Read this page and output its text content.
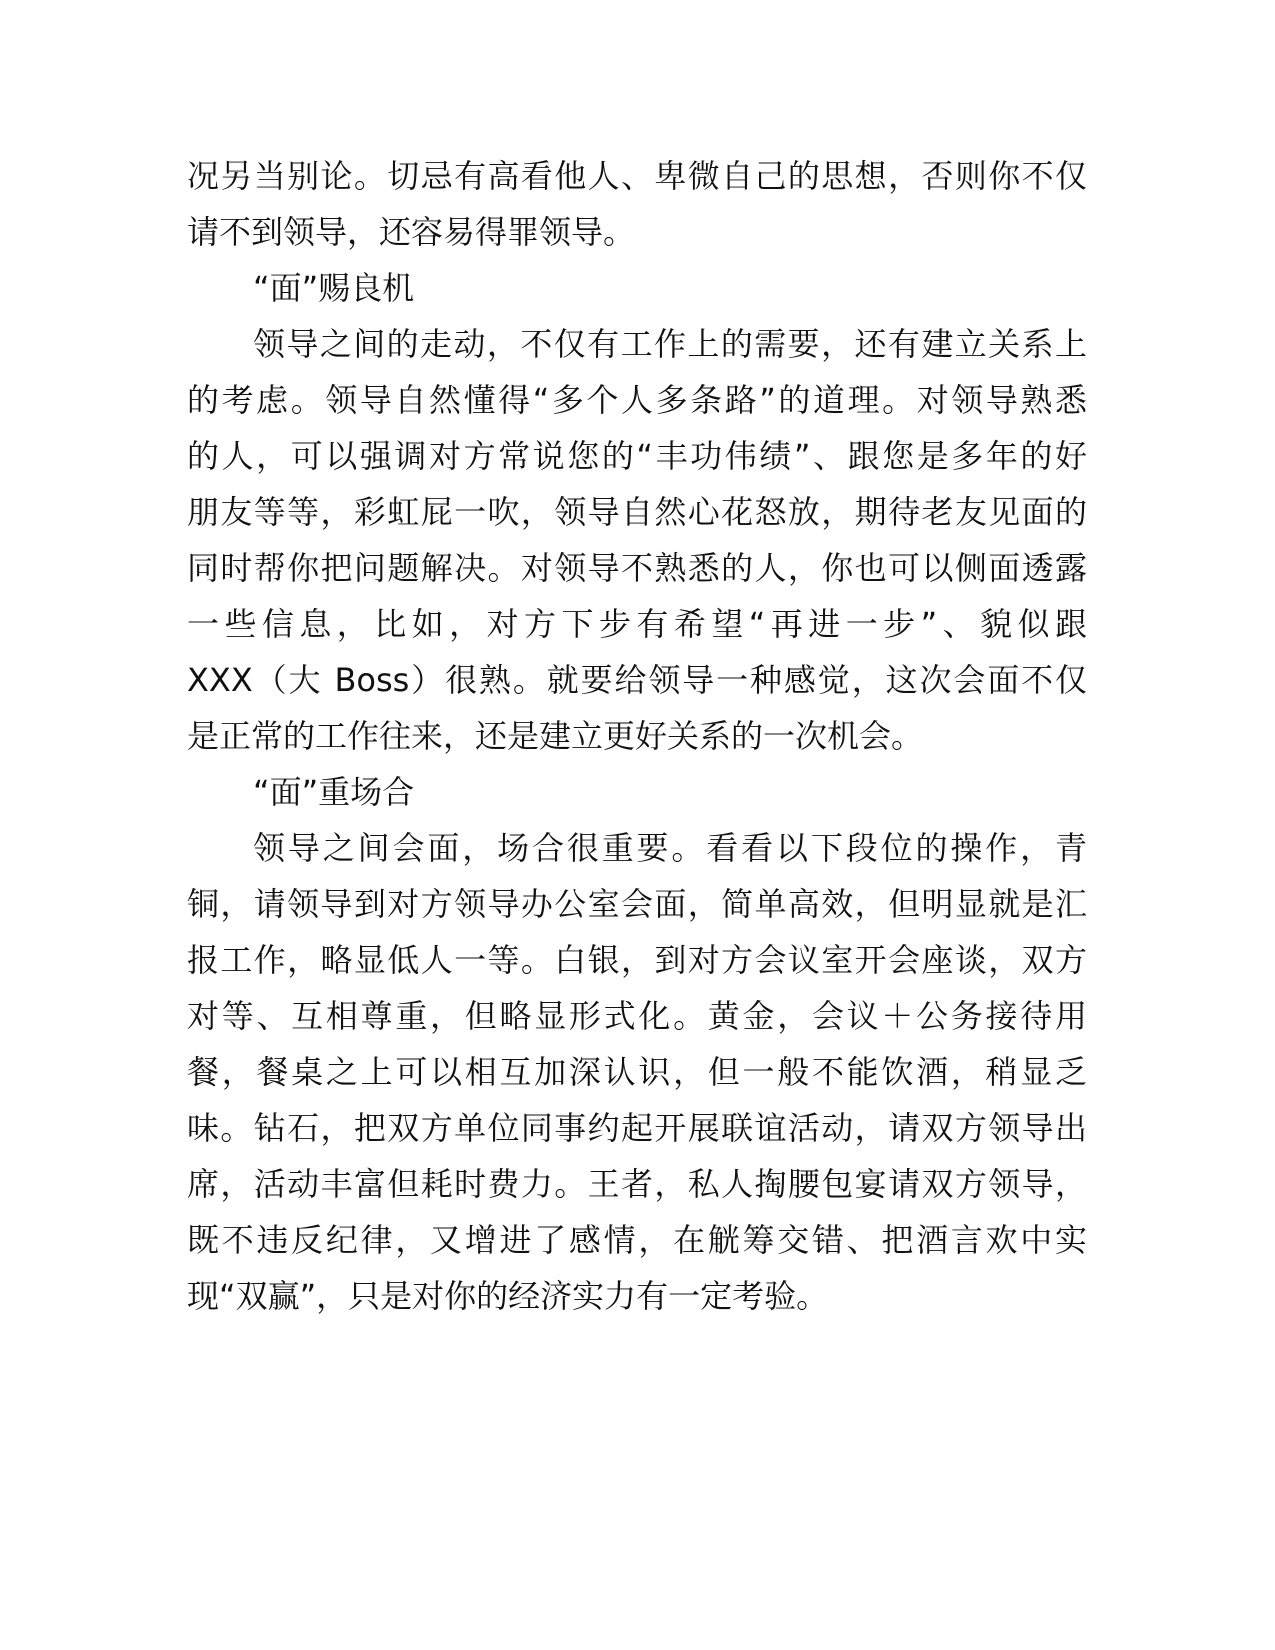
况另当别论。切忌有高看他人、卑微自己的思想，否则你不仅
请不到领导，还容易得罪领导。
“面”赐良机
领导之间的走动，不仅有工作上的需要，还有建立关系上
的考虑。领导自然懂得“多个人多条路”的道理。对领导熟悉
的人，可以强调对方常说您的“丰功伟绩”、跟您是多年的好
朋友等等，彩虹屁一吹，领导自然心花怒放，期待老友见面的
同时帮你把问题解决。对领导不熟悉的人，你也可以侧面透露
一些信息，比如，对方下步有希望“再进一步”、貌似跟
XXX（大 Boss）很熟。就要给领导一种感觉，这次会面不仅
是正常的工作往来，还是建立更好关系的一次机会。
“面”重场合
领导之间会面，场合很重要。看看以下段位的操作，青
铜，请领导到对方领导办公室会面，简单高效，但明显就是汇
报工作，略显低人一等。白银，到对方会议室开会座谈，双方
对等、互相尊重，但略显形式化。黄金，会议＋公务接待用
餐，餐桌之上可以相互加深认识，但一般不能饮酒，稍显乏
味。钻石，把双方单位同事约起开展联谊活动，请双方领导出
席，活动丰富但耗时费力。王者，私人掏腰包宴请双方领导，
既不违反纪律，又增进了感情，在觥筹交错、把酒言欢中实
现“双赢”，只是对你的经济实力有一定考验。
